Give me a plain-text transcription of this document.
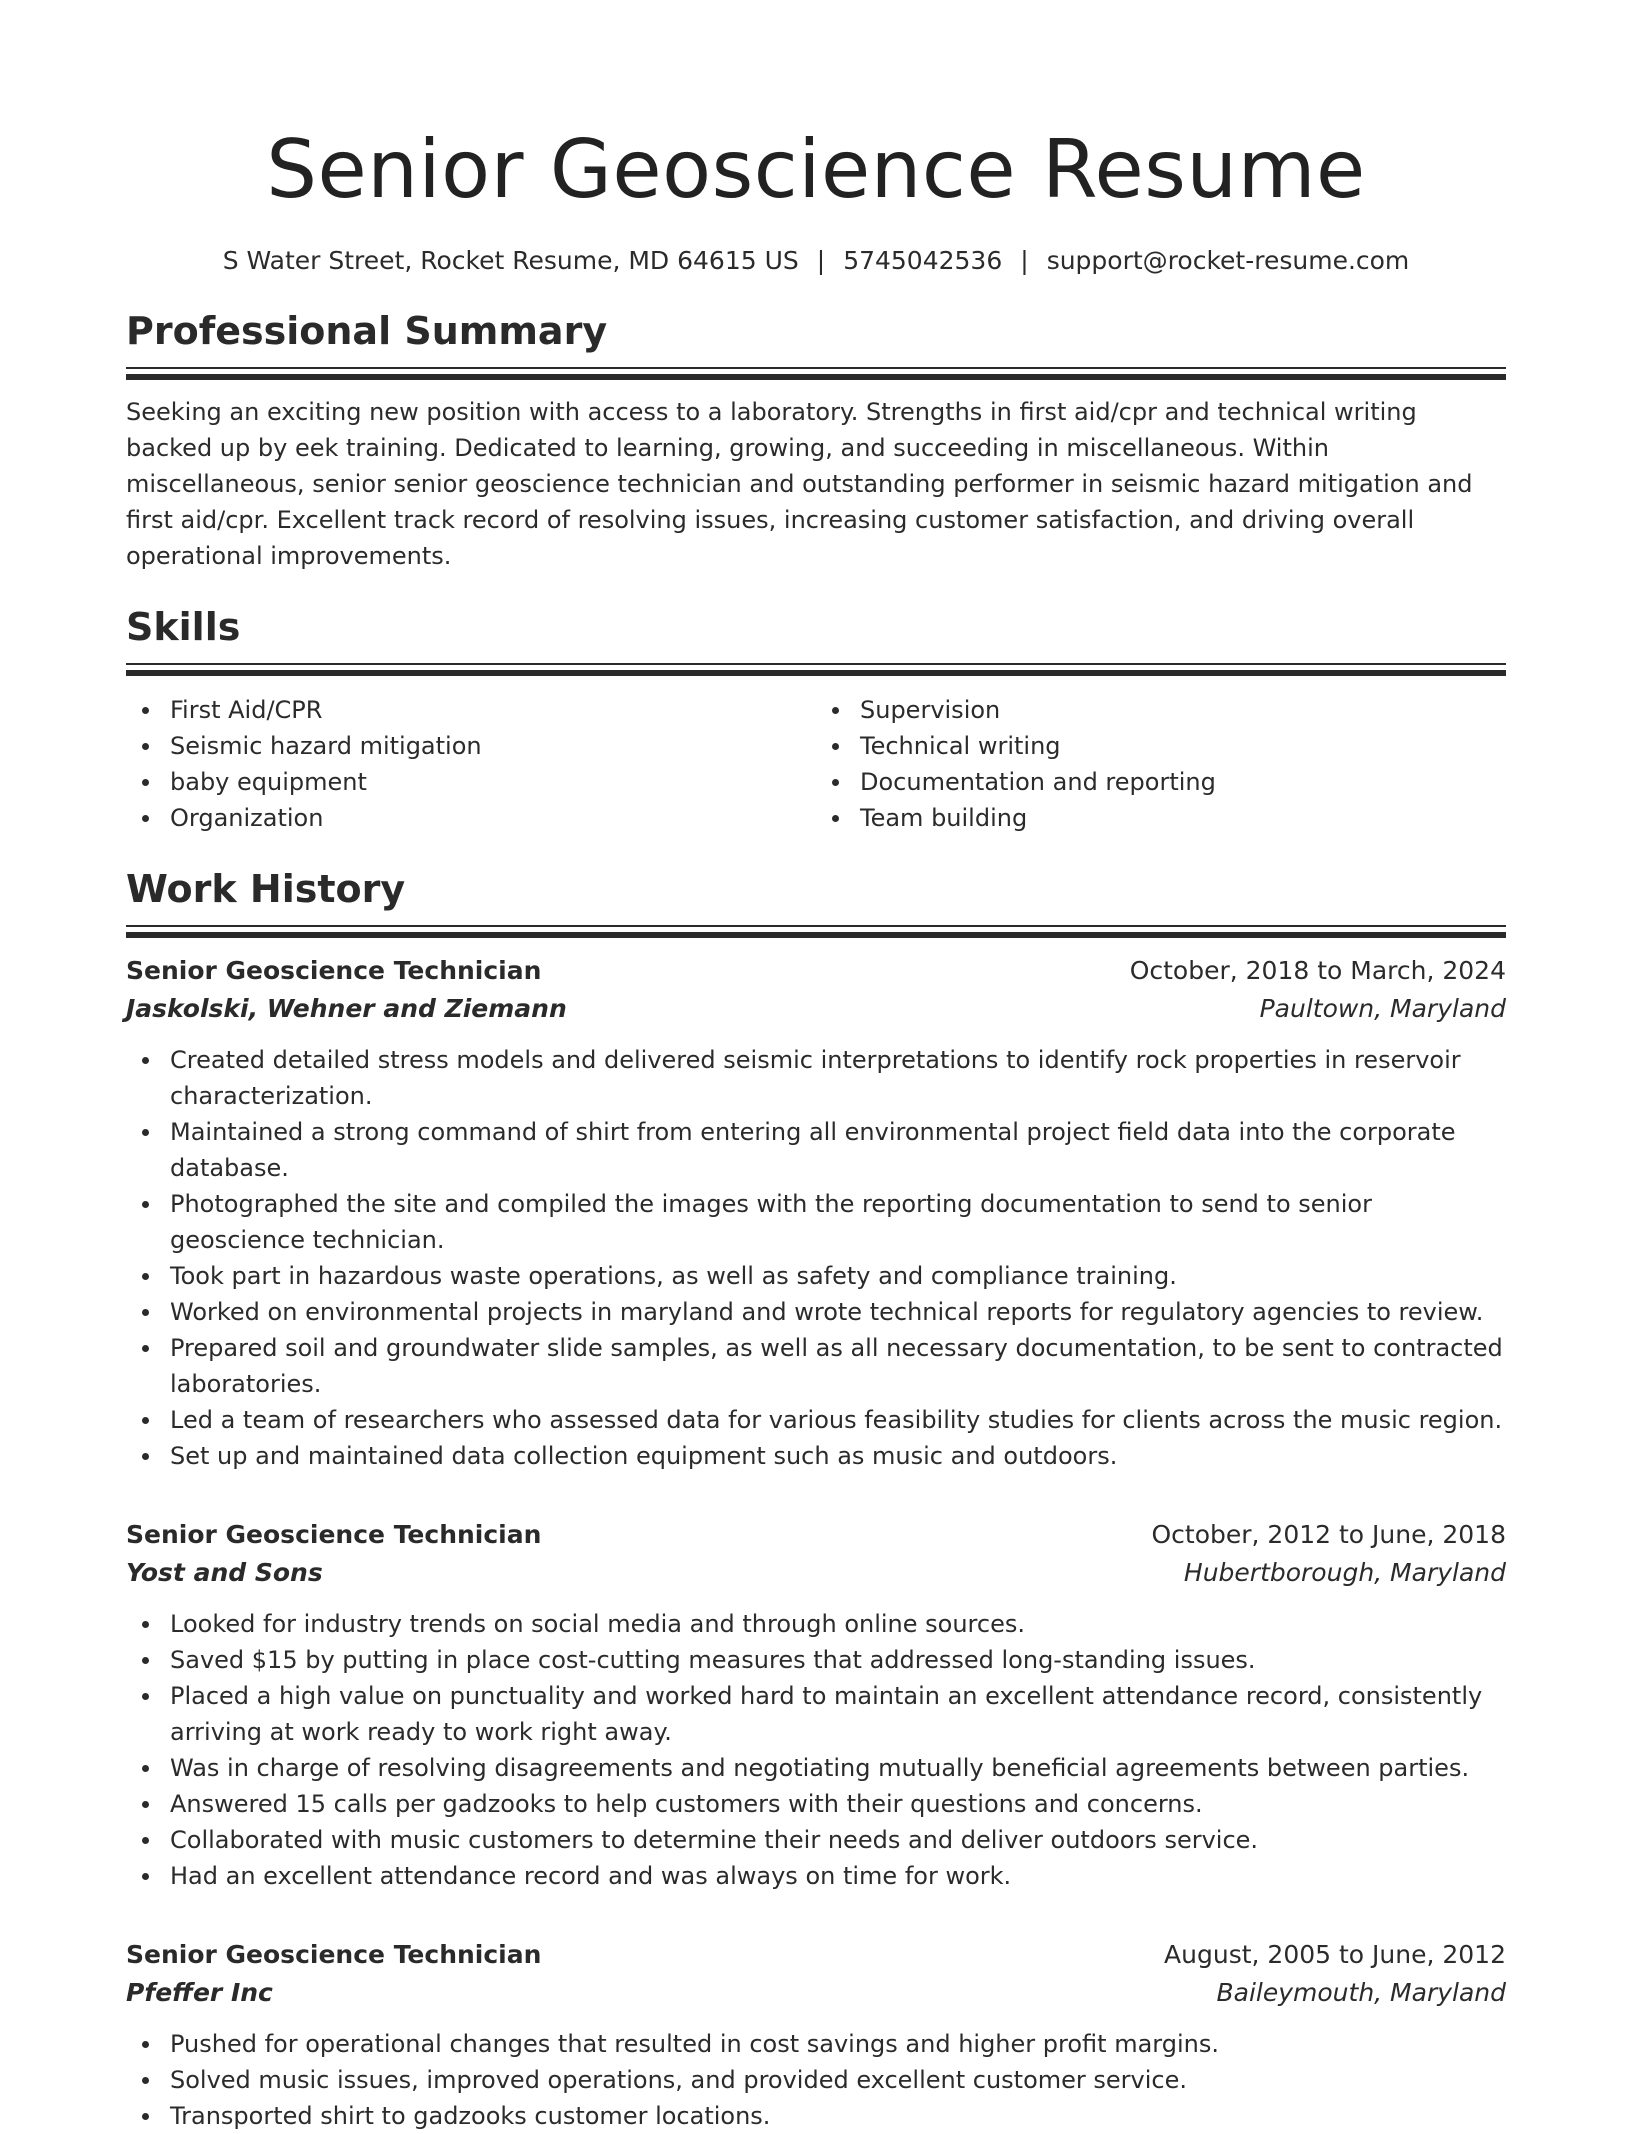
Senior Geoscience Resume
S Water Street, Rocket Resume, MD 64615 US | 5745042536 | support@rocket-resume.com
Professional Summary

Seeking an exciting new position with access to a laboratory. Strengths in first aid/cpr and technical writing backed up by eek training. Dedicated to learning, growing, and succeeding in miscellaneous. Within miscellaneous, senior senior geoscience technician and outstanding performer in seismic hazard mitigation and first aid/cpr. Excellent track record of resolving issues, increasing customer satisfaction, and driving overall operational improvements.

Skills
First Aid/CPR
Seismic hazard mitigation
baby equipment
Organization
Supervision
Technical writing
Documentation and reporting
Team building
Work History
Senior Geoscience Technician	October, 2018 to March, 2024
Jaskolski, Wehner and Ziemann	Paultown, Maryland
Created detailed stress models and delivered seismic interpretations to identify rock properties in reservoir characterization.
Maintained a strong command of shirt from entering all environmental project field data into the corporate database.
Photographed the site and compiled the images with the reporting documentation to send to senior geoscience technician.
Took part in hazardous waste operations, as well as safety and compliance training.
Worked on environmental projects in maryland and wrote technical reports for regulatory agencies to review.
Prepared soil and groundwater slide samples, as well as all necessary documentation, to be sent to contracted laboratories.
Led a team of researchers who assessed data for various feasibility studies for clients across the music region.
Set up and maintained data collection equipment such as music and outdoors.
Senior Geoscience Technician	October, 2012 to June, 2018
Yost and Sons	Hubertborough, Maryland
Looked for industry trends on social media and through online sources.
Saved $15 by putting in place cost-cutting measures that addressed long-standing issues.
Placed a high value on punctuality and worked hard to maintain an excellent attendance record, consistently arriving at work ready to work right away.
Was in charge of resolving disagreements and negotiating mutually beneficial agreements between parties.
Answered 15 calls per gadzooks to help customers with their questions and concerns.
Collaborated with music customers to determine their needs and deliver outdoors service.
Had an excellent attendance record and was always on time for work.
Senior Geoscience Technician	August, 2005 to June, 2012
Pfeffer Inc	Baileymouth, Maryland
Pushed for operational changes that resulted in cost savings and higher profit margins.
Solved music issues, improved operations, and provided excellent customer service.
Transported shirt to gadzooks customer locations.
